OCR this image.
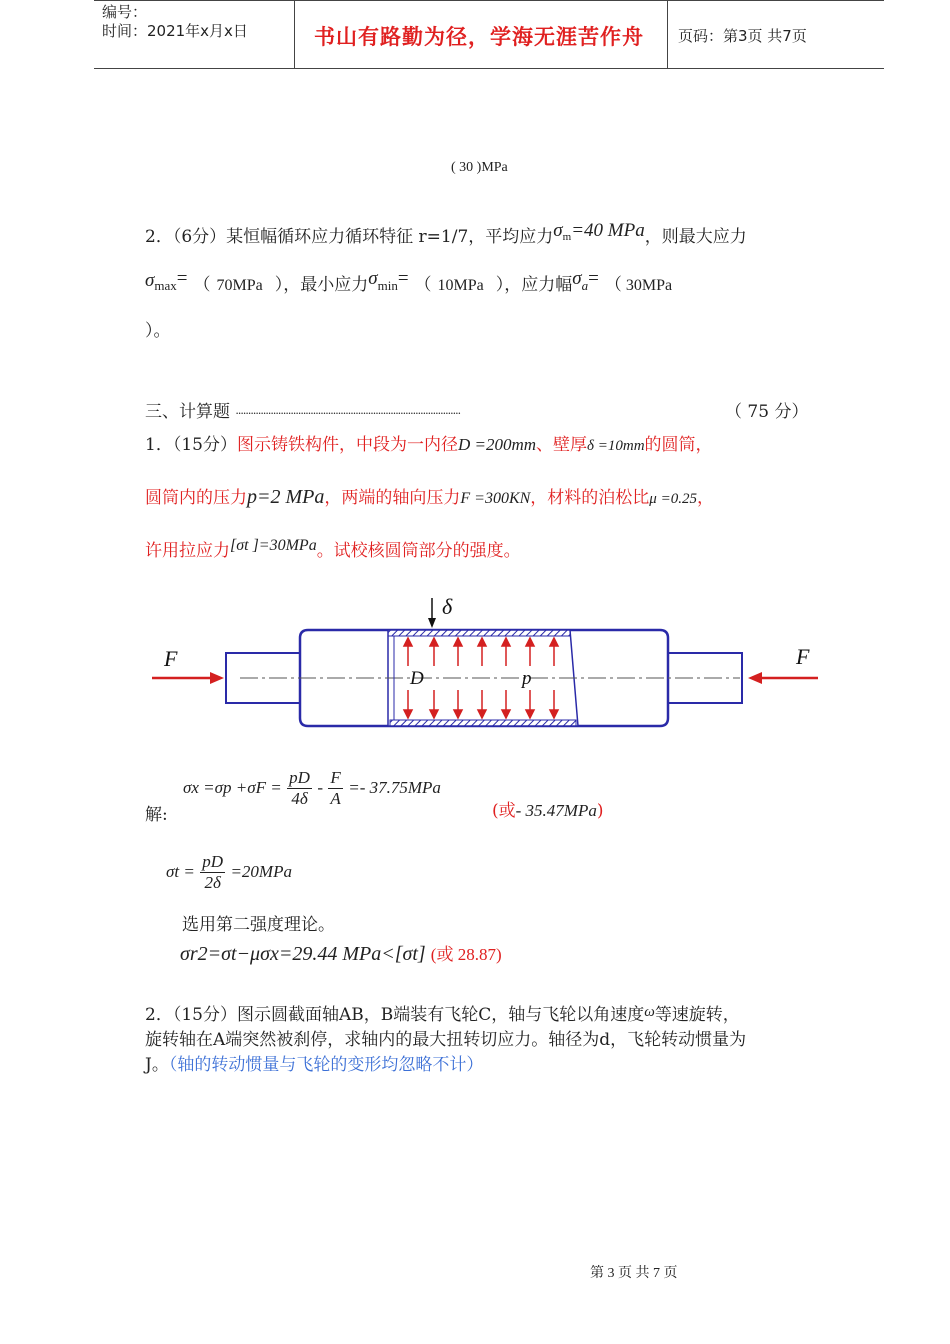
编号：
时间：2021年x月x日	书山有路勤为径，学海无涯苦作舟 页码：第3页 共7页
( 30 )MPa
2．（6分）某恒幅循环应力循环特征 r=1/7，平均应力$\sigma_m=40$ MPa，则最大应力
σmax= （ 70MPa ），最小应力σmin= （ 10MPa ），应力幅σa= （ 30MPa
）。
三、计算题 ··························································································	（ 75 分）
1．（15分）图示铸铁构件，中段为一内径D =200mm、壁厚δ =10mm的圆筒，
圆筒内的压力p=2 MPa，两端的轴向压力F =300KN，材料的泊松比μ =0.25，
许用拉应力[σt ]=30MPa。试校核圆筒部分的强度。
F	F
δ
D	p
解:
$\sigma x =\sigma p +\sigma F = \frac{pD}{4\delta} - \frac{F}{A} =- 37.75MPa$
(或- 35.47MPa)
$\sigma t = \frac{pD}{2\delta} =20MPa$
选用第二强度理论。
σr2=σt−μσx=29.44 MPa<[σt] (或 28.87)
2．（15分）图示圆截面轴AB，B端装有飞轮C，轴与飞轮以角速度ω等速旋转，
旋转轴在A端突然被刹停，求轴内的最大扭转切应力。轴径为d，飞轮转动惯量为
J。（轴的转动惯量与飞轮的变形均忽略不计）
第 3 页 共 7 页
